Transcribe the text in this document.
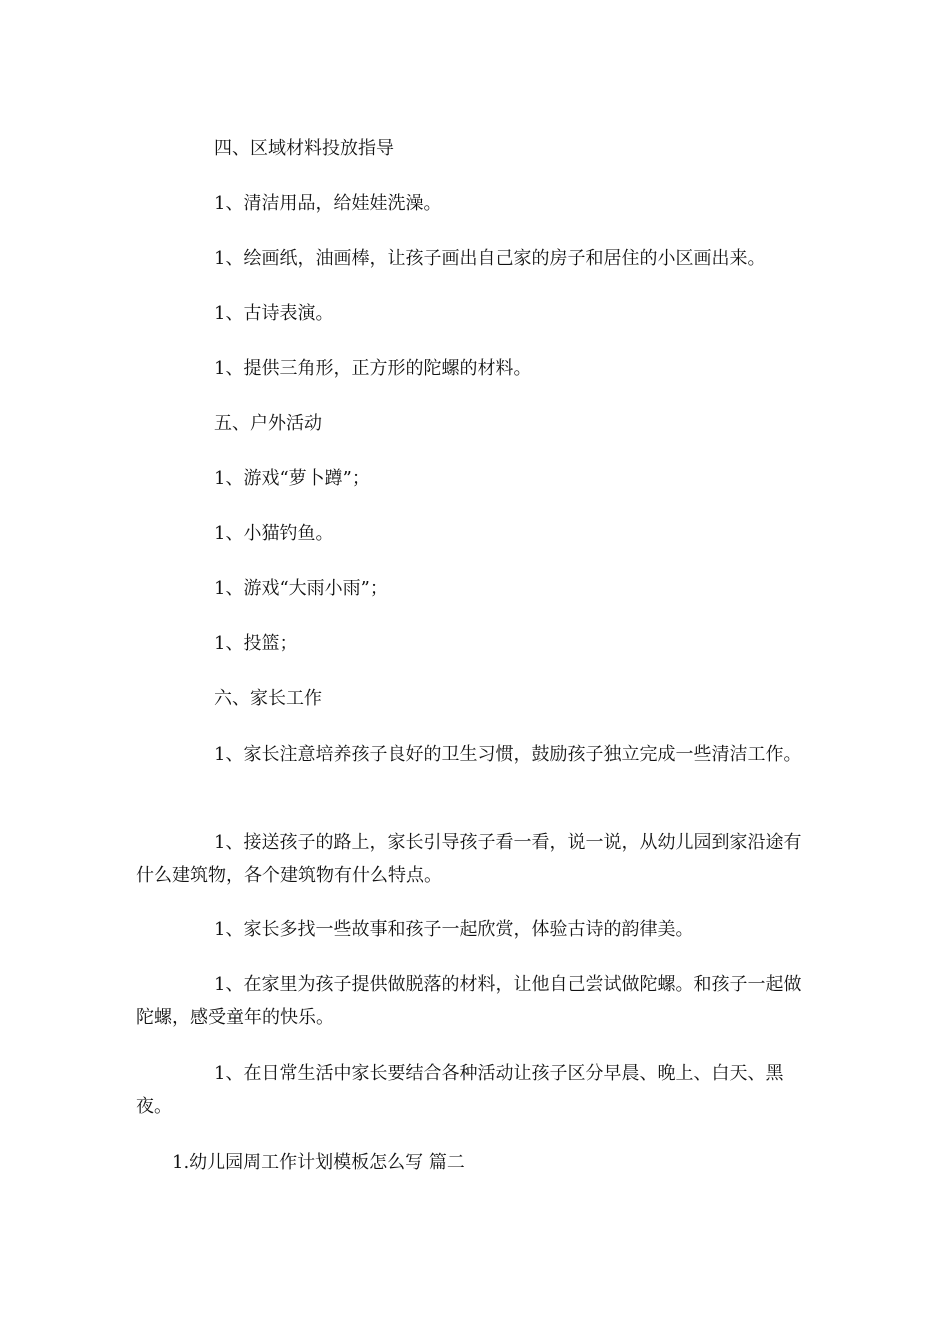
四、区域材料投放指导

1、清洁用品，给娃娃洗澡。

1、绘画纸，油画棒，让孩子画出自己家的房子和居住的小区画出来。

1、古诗表演。

1、提供三角形，正方形的陀螺的材料。

五、户外活动

1、游戏“萝卜蹲”；

1、小猫钓鱼。

1、游戏“大雨小雨”；

1、投篮；

六、家长工作

1、家长注意培养孩子良好的卫生习惯，鼓励孩子独立完成一些清洁工作。

1、接送孩子的路上，家长引导孩子看一看，说一说，从幼儿园到家沿途有什么建筑物，各个建筑物有什么特点。

1、家长多找一些故事和孩子一起欣赏，体验古诗的韵律美。

1、在家里为孩子提供做脱落的材料，让他自己尝试做陀螺。和孩子一起做陀螺，感受童年的快乐。

1、在日常生活中家长要结合各种活动让孩子区分早晨、晚上、白天、黑夜。

1.幼儿园周工作计划模板怎么写 篇二
